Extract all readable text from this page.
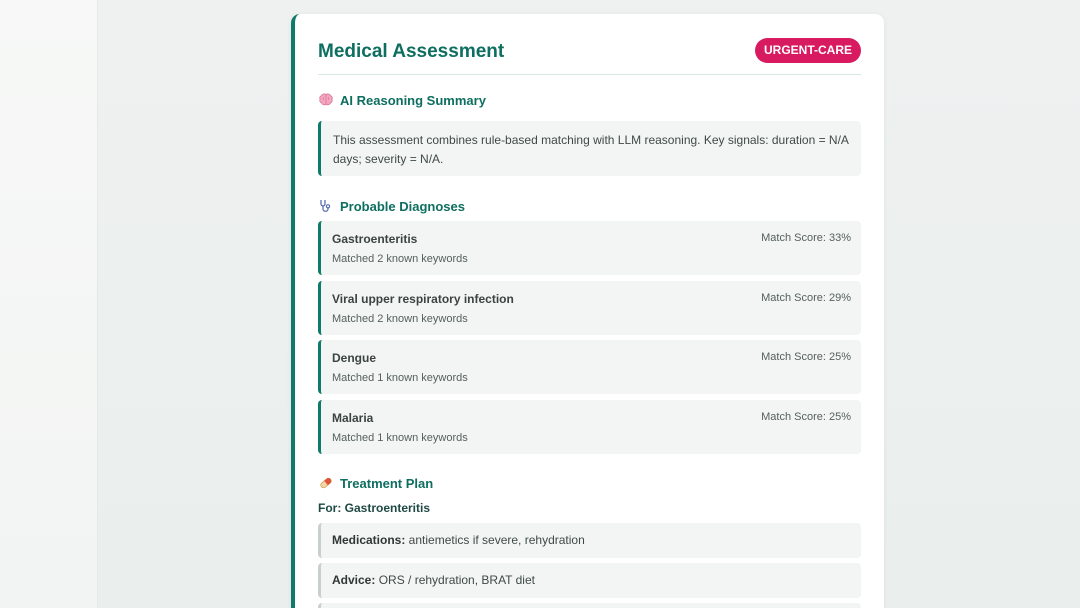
Medical Assessment	URGENT-CARE
AI Reasoning Summary
This assessment combines rule-based matching with LLM reasoning. Key signals: duration = N/A days; severity = N/A.
Probable Diagnoses
Gastroenteritis
Matched 2 known keywords
Match Score: 33%
Viral upper respiratory infection
Matched 2 known keywords
Match Score: 29%
Dengue
Matched 1 known keywords
Match Score: 25%
Malaria
Matched 1 known keywords
Match Score: 25%
Treatment Plan
For: Gastroenteritis
Medications: antiemetics if severe, rehydration
Advice: ORS / rehydration, BRAT diet
